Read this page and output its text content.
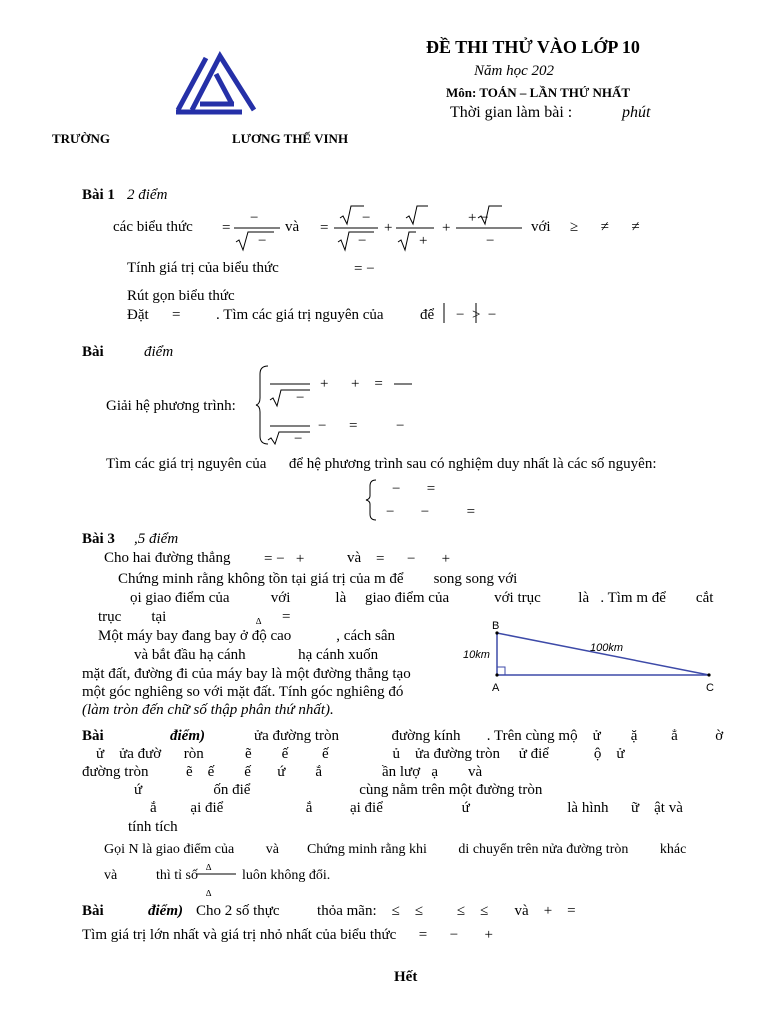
ĐỀ THI THỬ VÀO LỚP 10
Năm học 202
Môn: TOÁN – LẦN THỨ NHẤT
Thời gian làm bài :	phút
TRƯỜNG	LƯƠNG THẾ VINH
Bài 1 2 điểm
các biểu thức =
−
−
và =
−
−
+
+
+
+ −
−
với ≥      ≠      ≠
Tính giá trị của biểu thức	= −
Rút gọn biểu thức
Đặt = . Tìm các giá trị nguyên của để −  >  −
Bài	điểm
Giải hệ phương trình:
+      +    =
−
−      =
−
−
Tìm các giá trị nguyên của      để hệ phương trình sau có nghiệm duy nhất là các số nguyên:
−       =
−       −          =
Bài 3 ,5 điểm
Cho hai đường thẳng = −   +	và =      −       +
Chứng minh rằng không tồn tại giá trị của m để        song song với
ọi giao điểm của           với            là     giao điểm của            với trục          là   . Tìm m để        cắt
trục        tại	∆ =
Một máy bay đang bay ở độ cao            , cách sân
và bắt đầu hạ cánh              hạ cánh xuốn
mặt đất, đường đi của máy bay là một đường thẳng tạo
một góc nghiêng so với mặt đất. Tính góc nghiêng đó
(làm tròn đến chữ số thập phân thứ nhất).
B
A	C
10km
100km
Bài	điểm)	ửa đường tròn              đường kính       . Trên cùng mộ    ử        ặ         ẳ          ờ
ử    ửa đườ      ròn           ẽ        ế         ế                 ủ    ửa đường tròn     ử điể            ộ    ử
đường tròn          ẽ    ế        ế       ứ        ắ                ần lượ   ạ        và
ứ                   ốn điể                             cùng nằm trên một đường tròn
ắ         ại điể                      ắ          ại điể                     ứ                          là hình      ữ    ật và
tính tích
Gọi N là giao điểm của         và        Chứng minh rằng khi         di chuyển trên nửa đường tròn         khác
và	thì tỉ số
∆
∆
luôn không đổi.
Bài	điểm) Cho 2 số thực          thỏa mãn:    ≤    ≤         ≤    ≤       và    +    =
Tìm giá trị lớn nhất và giá trị nhỏ nhất của biểu thức      =      −       +
Hết
